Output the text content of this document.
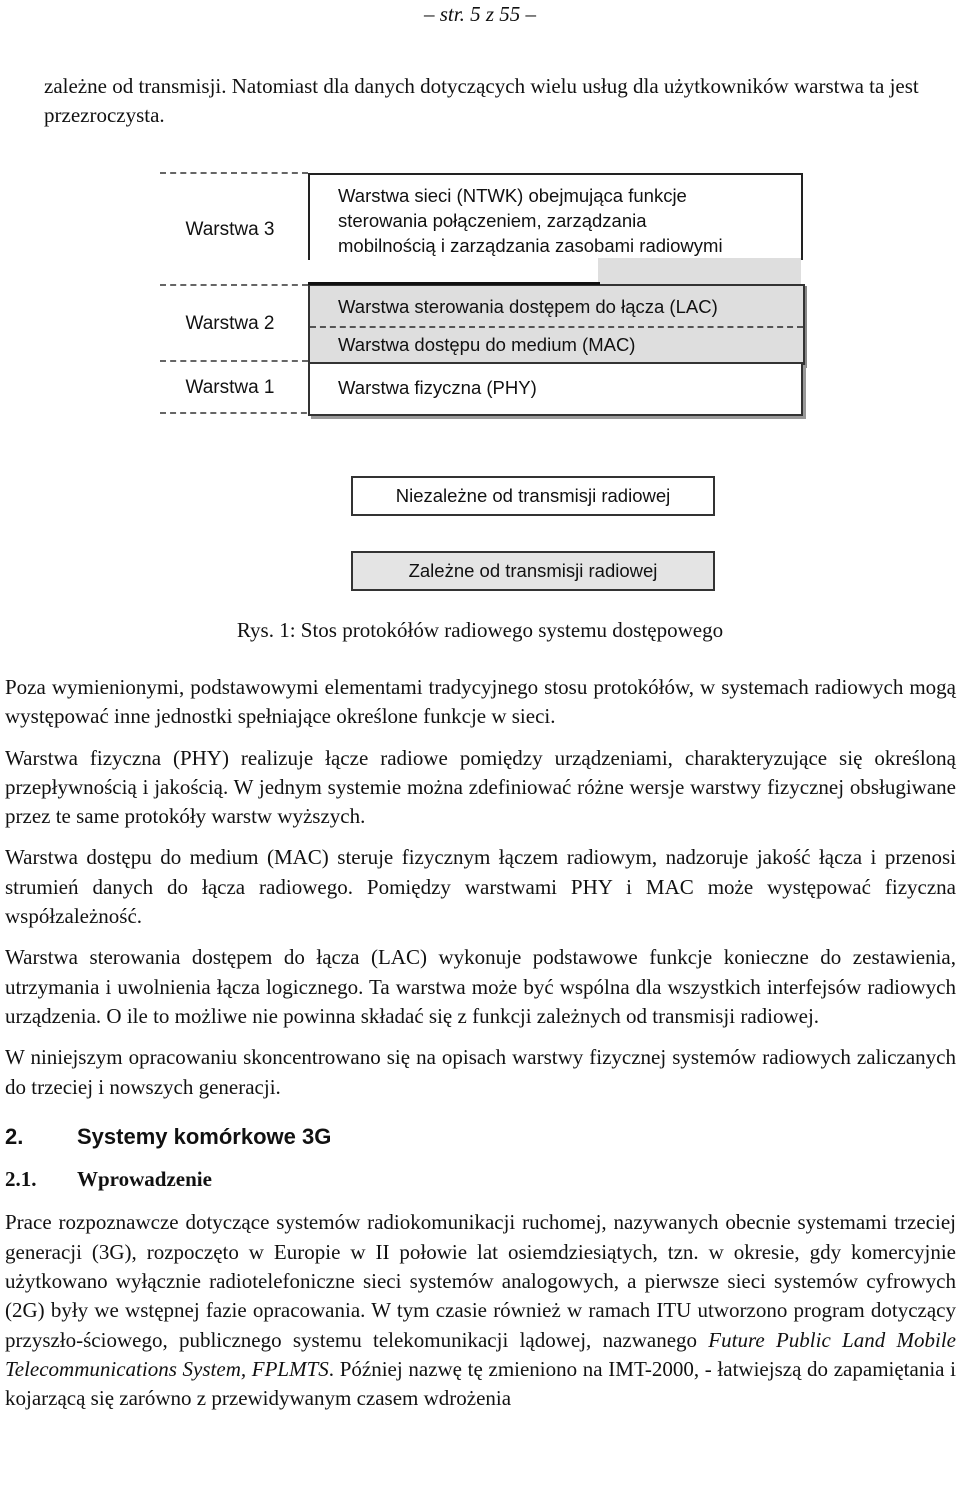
– str. 5 z 55 –
zależne od transmisji. Natomiast dla danych dotyczących wielu usług dla użytkowników warstwa ta jest przezroczysta.
Warstwa 3
Warstwa 2
Warstwa 1
Warstwa sieci (NTWK) obejmująca funkcje
sterowania połączeniem, zarządzania
mobilnością i zarządzania zasobami radiowymi
Warstwa sterowania dostępem do łącza (LAC)
Warstwa dostępu do medium (MAC)
Warstwa fizyczna (PHY)
Niezależne od transmisji radiowej
Zależne od transmisji radiowej
Rys. 1: Stos protokółów radiowego systemu dostępowego

Poza wymienionymi, podstawowymi elementami tradycyjnego stosu protokółów, w systemach radiowych mogą występować inne jednostki spełniające określone funkcje w sieci.

Warstwa fizyczna (PHY) realizuje łącze radiowe pomiędzy urządzeniami, charakteryzujące się określoną przepływnością i jakością. W jednym systemie można zdefiniować różne wersje warstwy fizycznej obsługiwane przez te same protokóły warstw wyższych.

Warstwa dostępu do medium (MAC) steruje fizycznym łączem radiowym, nadzoruje jakość łącza i przenosi strumień danych do łącza radiowego. Pomiędzy warstwami PHY i MAC może występować fizyczna współzależność.

Warstwa sterowania dostępem do łącza (LAC) wykonuje podstawowe funkcje konieczne do zestawienia, utrzymania i uwolnienia łącza logicznego. Ta warstwa może być wspólna dla wszystkich interfejsów radiowych urządzenia. O ile to możliwe nie powinna składać się z funkcji zależnych od transmisji radiowej.

W niniejszym opracowaniu skoncentrowano się na opisach warstwy fizycznej systemów radiowych zaliczanych do trzeciej i nowszych generacji.

2. Systemy komórkowe 3G
2.1. Wprowadzenie

Prace rozpoznawcze dotyczące systemów radiokomunikacji ruchomej, nazywanych obecnie systemami trzeciej generacji (3G), rozpoczęto w Europie w II połowie lat osiemdziesiątych, tzn. w okresie, gdy komercyjnie użytkowano wyłącznie radiotelefoniczne sieci systemów analogowych, a pierwsze sieci systemów cyfrowych (2G) były we wstępnej fazie opracowania. W tym czasie również w ramach ITU utworzono program dotyczący przyszło-ściowego, publicznego systemu telekomunikacji lądowej, nazwanego Future Public Land Mobile Telecommunications System, FPLMTS. Później nazwę tę zmieniono na IMT-2000, - łatwiejszą do zapamiętania i kojarzącą się zarówno z przewidywanym czasem wdrożenia
